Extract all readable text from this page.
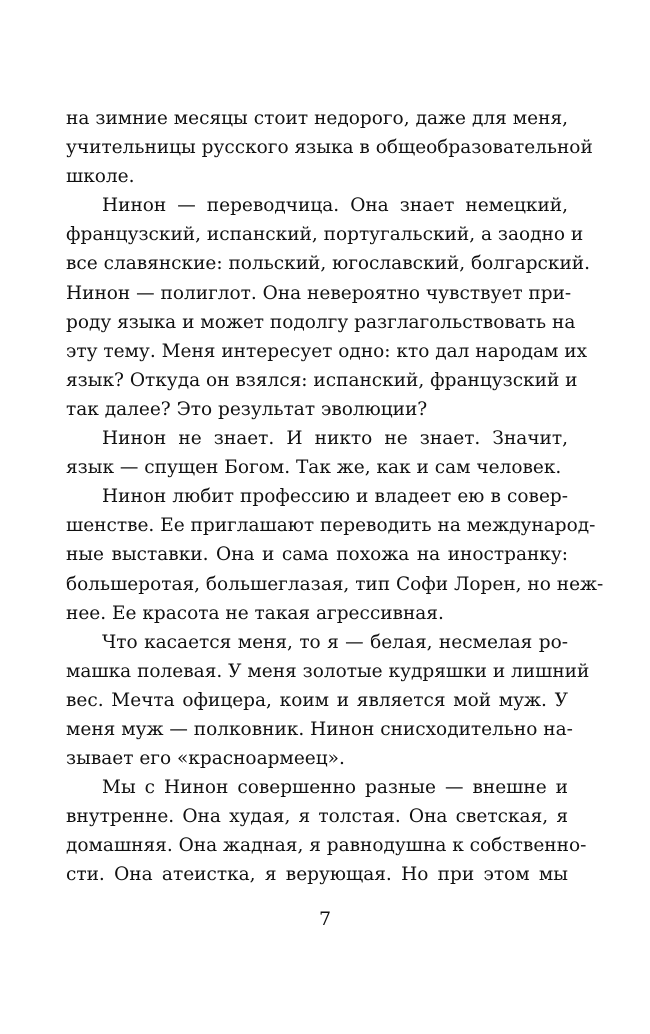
на зимние месяцы стоит недорого, даже для меня,
учительницы русского языка в общеобразовательной
школе.
Нинон — переводчица. Она знает немецкий,
французский, испанский, португальский, а заодно и
все славянские: польский, югославский, болгарский.
Нинон — полиглот. Она невероятно чувствует при-
роду языка и может подолгу разглагольствовать на
эту тему. Меня интересует одно: кто дал народам их
язык? Откуда он взялся: испанский, французский и
так далее? Это результат эволюции?
Нинон не знает. И никто не знает. Значит,
язык — спущен Богом. Так же, как и сам человек.
Нинон любит профессию и владеет ею в совер-
шенстве. Ее приглашают переводить на международ-
ные выставки. Она и сама похожа на иностранку:
большеротая, большеглазая, тип Софи Лорен, но неж-
нее. Ее красота не такая агрессивная.
Что касается меня, то я — белая, несмелая ро-
машка полевая. У меня золотые кудряшки и лишний
вес. Мечта офицера, коим и является мой муж. У
меня муж — полковник. Нинон снисходительно на-
зывает его «красноармеец».
Мы с Нинон совершенно разные — внешне и
внутренне. Она худая, я толстая. Она светская, я
домашняя. Она жадная, я равнодушна к собственно-
сти. Она атеистка, я верующая. Но при этом мы
7
